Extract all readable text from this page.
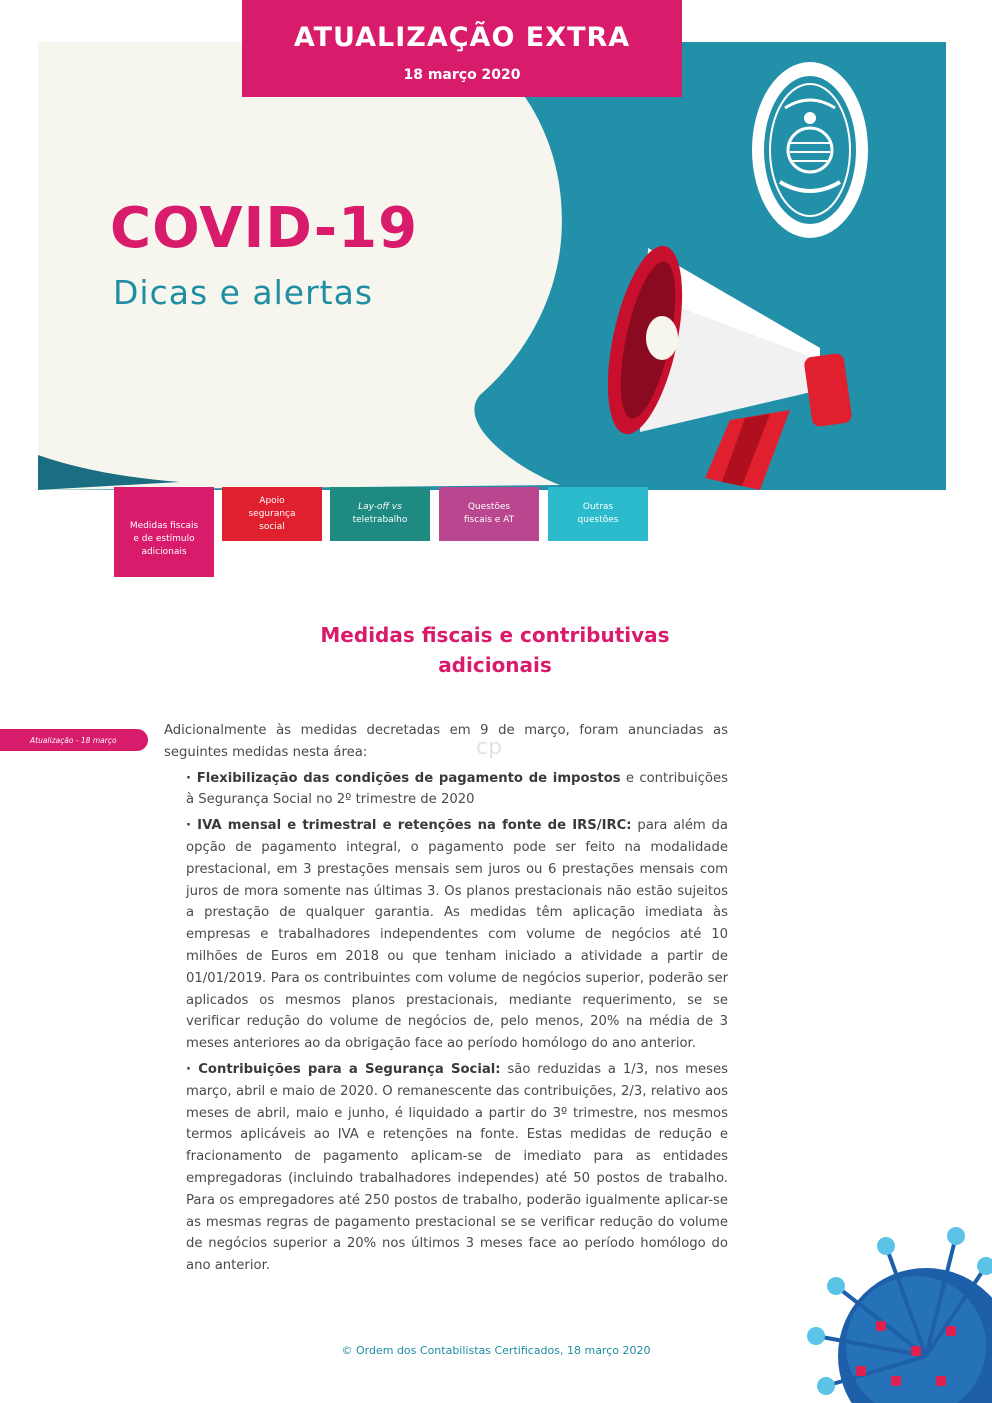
ATUALIZAÇÃO EXTRA
18 março 2020
COVID-19
Dicas e alertas
Medidas fiscais
e de estímulo
adicionais
Apoio
segurança
social
Lay-off vs
teletrabalho
Questões
fiscais e AT
Outras
questões
Medidas fiscais e contributivas
adicionais
Atualização - 18 março	cp

Adicionalmente às medidas decretadas em 9 de março, foram anunciadas as seguintes medidas nesta área:

· Flexibilização das condições de pagamento de impostos e contribuições à Segurança Social no 2º trimestre de 2020

· IVA mensal e trimestral e retenções na fonte de IRS/IRC: para além da opção de pagamento integral, o pagamento pode ser feito na modalidade prestacional, em 3 prestações mensais sem juros ou 6 prestações mensais com juros de mora somente nas últimas 3. Os planos prestacionais não estão sujeitos a prestação de qualquer garantia. As medidas têm aplicação imediata às empresas e trabalhadores independentes com volume de negócios até 10 milhões de Euros em 2018 ou que tenham iniciado a atividade a partir de 01/01/2019. Para os contribuintes com volume de negócios superior, poderão ser aplicados os mesmos planos prestacionais, mediante requerimento, se se verificar redução do volume de negócios de, pelo menos, 20% na média de 3 meses anteriores ao da obrigação face ao período homólogo do ano anterior.

· Contribuições para a Segurança Social: são reduzidas a 1/3, nos meses março, abril e maio de 2020. O remanescente das contribuições, 2/3, relativo aos meses de abril, maio e junho, é liquidado a partir do 3º trimestre, nos mesmos termos aplicáveis ao IVA e retenções na fonte. Estas medidas de redução e fracionamento de pagamento aplicam-se de imediato para as entidades empregadoras (incluindo trabalhadores independes) até 50 postos de trabalho. Para os empregadores até 250 postos de trabalho, poderão igualmente aplicar-se as mesmas regras de pagamento prestacional se se verificar redução do volume de negócios superior a 20% nos últimos 3 meses face ao período homólogo do ano anterior.

© Ordem dos Contabilistas Certificados, 18 março 2020
